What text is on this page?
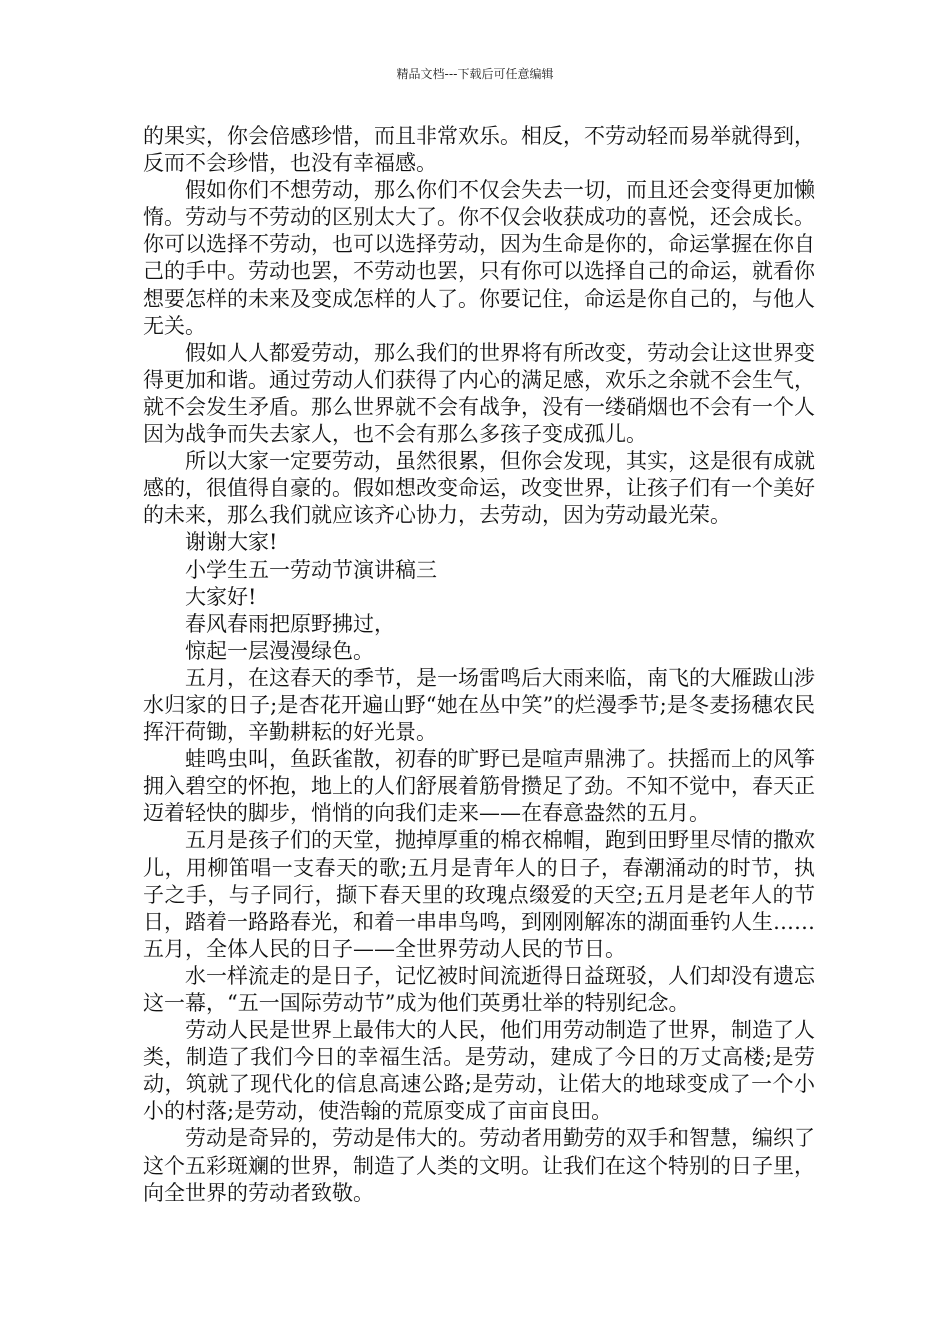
精品文档---下载后可任意编辑

的果实，你会倍感珍惜，而且非常欢乐。相反，不劳动轻而易举就得到，反而不会珍惜，也没有幸福感。

假如你们不想劳动，那么你们不仅会失去一切，而且还会变得更加懒惰。劳动与不劳动的区别太大了。你不仅会收获成功的喜悦，还会成长。你可以选择不劳动，也可以选择劳动，因为生命是你的，命运掌握在你自己的手中。劳动也罢，不劳动也罢，只有你可以选择自己的命运，就看你想要怎样的未来及变成怎样的人了。你要记住，命运是你自己的，与他人无关。

假如人人都爱劳动，那么我们的世界将有所改变，劳动会让这世界变得更加和谐。通过劳动人们获得了内心的满足感，欢乐之余就不会生气，就不会发生矛盾。那么世界就不会有战争，没有一缕硝烟也不会有一个人因为战争而失去家人，也不会有那么多孩子变成孤儿。

所以大家一定要劳动，虽然很累，但你会发现，其实，这是很有成就感的，很值得自豪的。假如想改变命运，改变世界，让孩子们有一个美好的未来，那么我们就应该齐心协力，去劳动，因为劳动最光荣。

谢谢大家!

小学生五一劳动节演讲稿三

大家好!

春风春雨把原野拂过，

惊起一层漫漫绿色。

五月，在这春天的季节，是一场雷鸣后大雨来临，南飞的大雁跋山涉水归家的日子;是杏花开遍山野“她在丛中笑”的烂漫季节;是冬麦扬穗农民挥汗荷锄，辛勤耕耘的好光景。

蛙鸣虫叫，鱼跃雀散，初春的旷野已是喧声鼎沸了。扶摇而上的风筝拥入碧空的怀抱，地上的人们舒展着筋骨攒足了劲。不知不觉中，春天正迈着轻快的脚步，悄悄的向我们走来——在春意盎然的五月。

五月是孩子们的天堂，抛掉厚重的棉衣棉帽，跑到田野里尽情的撒欢儿，用柳笛唱一支春天的歌;五月是青年人的日子，春潮涌动的时节，执子之手，与子同行，撷下春天里的玫瑰点缀爱的天空;五月是老年人的节日，踏着一路路春光，和着一串串鸟鸣，到刚刚解冻的湖面垂钓人生……五月，全体人民的日子——全世界劳动人民的节日。

水一样流走的是日子，记忆被时间流逝得日益斑驳，人们却没有遗忘这一幕，“五一国际劳动节”成为他们英勇壮举的特别纪念。

劳动人民是世界上最伟大的人民，他们用劳动制造了世界，制造了人类，制造了我们今日的幸福生活。是劳动，建成了今日的万丈高楼;是劳动，筑就了现代化的信息高速公路;是劳动，让偌大的地球变成了一个小小的村落;是劳动，使浩翰的荒原变成了亩亩良田。

劳动是奇异的，劳动是伟大的。劳动者用勤劳的双手和智慧，编织了这个五彩斑斓的世界，制造了人类的文明。让我们在这个特别的日子里，向全世界的劳动者致敬。
